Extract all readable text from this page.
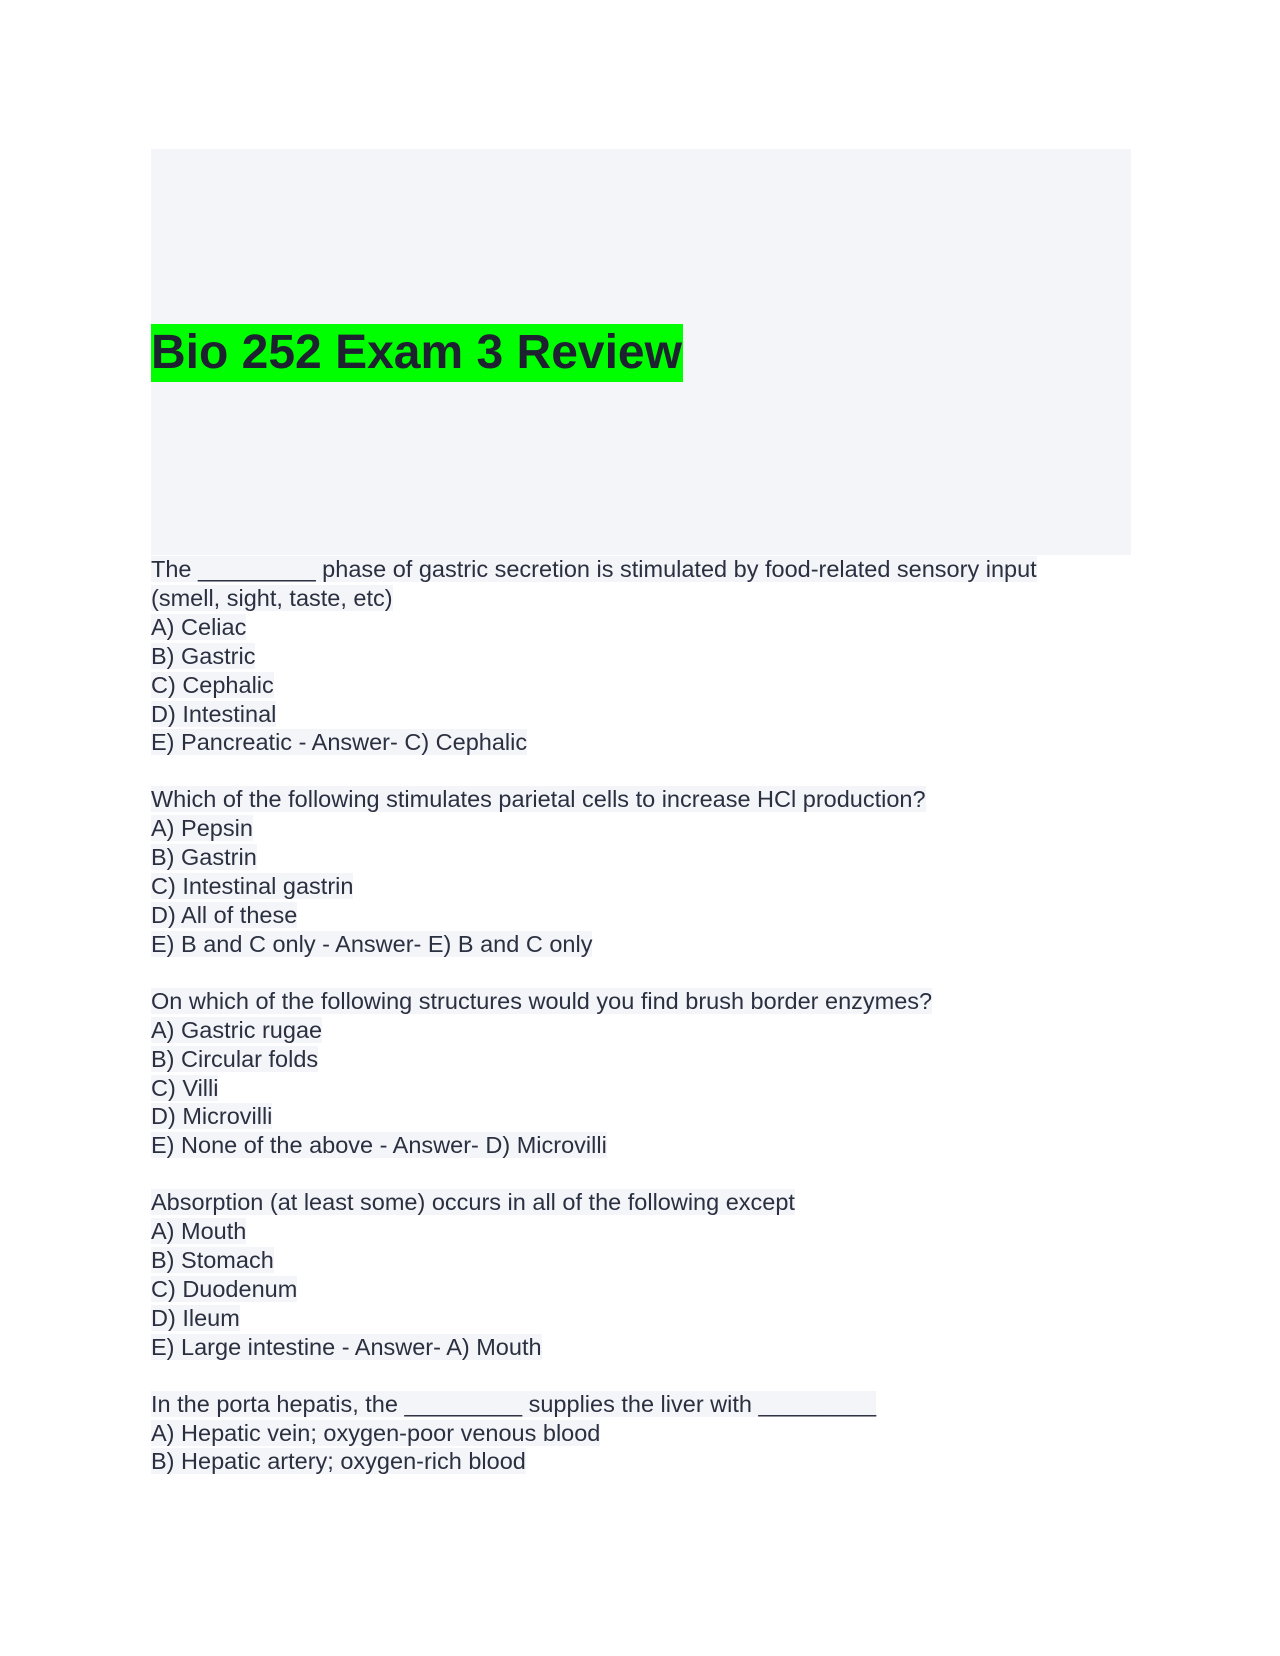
Bio 252 Exam 3 Review
The _________ phase of gastric secretion is stimulated by food-related sensory input
(smell, sight, taste, etc)
A) Celiac
B) Gastric
C) Cephalic
D) Intestinal
E) Pancreatic - Answer- C) Cephalic
Which of the following stimulates parietal cells to increase HCl production?
A) Pepsin
B) Gastrin
C) Intestinal gastrin
D) All of these
E) B and C only - Answer- E) B and C only
On which of the following structures would you find brush border enzymes?
A) Gastric rugae
B) Circular folds
C) Villi
D) Microvilli
E) None of the above - Answer- D) Microvilli
Absorption (at least some) occurs in all of the following except
A) Mouth
B) Stomach
C) Duodenum
D) Ileum
E) Large intestine - Answer- A) Mouth
In the porta hepatis, the _________ supplies the liver with _________
A) Hepatic vein; oxygen-poor venous blood
B) Hepatic artery; oxygen-rich blood
